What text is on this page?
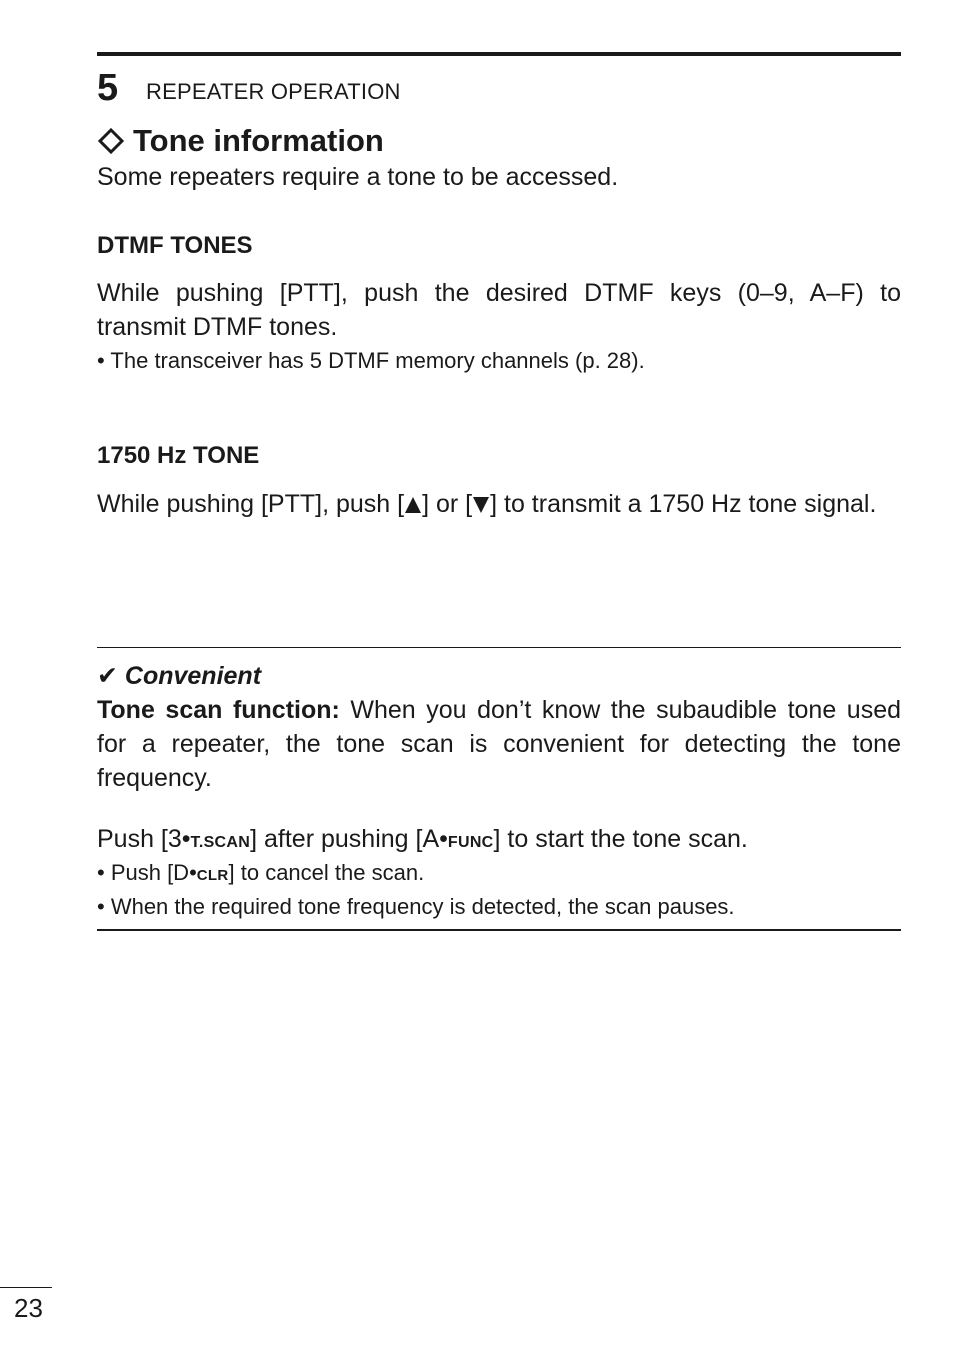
5 REPEATER OPERATION
Tone information
Some repeaters require a tone to be accessed.
DTMF TONES
While pushing [PTT], push the desired DTMF keys (0–9, A–F) to transmit DTMF tones.
• The transceiver has 5 DTMF memory channels (p. 28).
1750 Hz TONE
While pushing [PTT], push [ ] or [ ] to transmit a 1750 Hz tone signal.
✔ Convenient
Tone scan function: When you don’t know the subaudible tone used for a repeater, the tone scan is convenient for detecting the tone frequency.
Push [3•T.SCAN] after pushing [A•FUNC] to start the tone scan.
• Push [D•CLR] to cancel the scan.
• When the required tone frequency is detected, the scan pauses.
23
